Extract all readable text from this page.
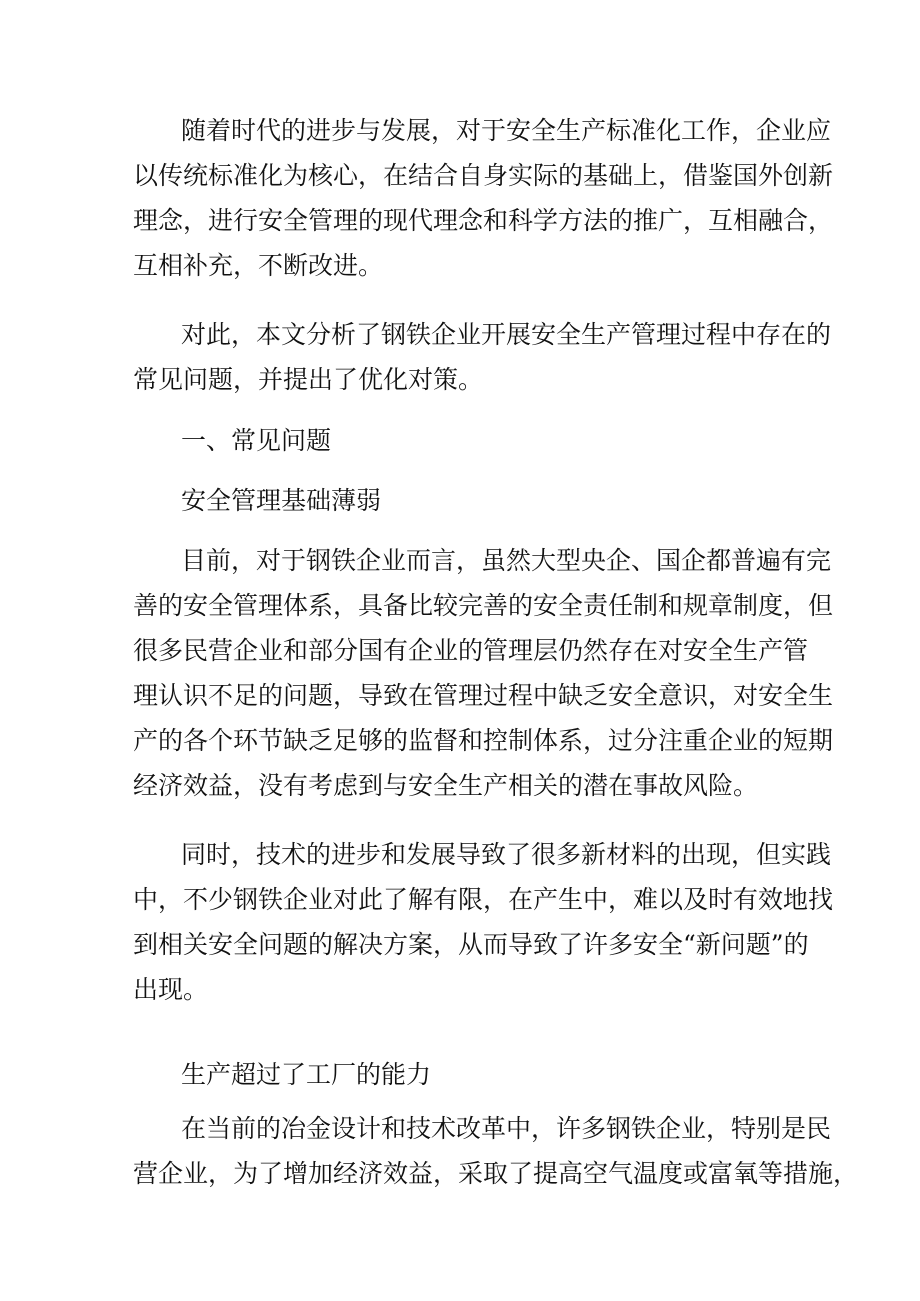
随着时代的进步与发展，对于安全生产标准化工作，企业应
以传统标准化为核心，在结合自身实际的基础上，借鉴国外创新
理念，进行安全管理的现代理念和科学方法的推广，互相融合，
互相补充，不断改进。

对此，本文分析了钢铁企业开展安全生产管理过程中存在的
常见问题，并提出了优化对策。

一、常见问题

安全管理基础薄弱

目前，对于钢铁企业而言，虽然大型央企、国企都普遍有完
善的安全管理体系，具备比较完善的安全责任制和规章制度，但
很多民营企业和部分国有企业的管理层仍然存在对安全生产管
理认识不足的问题，导致在管理过程中缺乏安全意识，对安全生
产的各个环节缺乏足够的监督和控制体系，过分注重企业的短期
经济效益，没有考虑到与安全生产相关的潜在事故风险。

同时，技术的进步和发展导致了很多新材料的出现，但实践
中，不少钢铁企业对此了解有限，在产生中，难以及时有效地找
到相关安全问题的解决方案，从而导致了许多安全“新问题”的
出现。

生产超过了工厂的能力

在当前的冶金设计和技术改革中，许多钢铁企业，特别是民
营企业，为了增加经济效益，采取了提高空气温度或富氧等措施，
